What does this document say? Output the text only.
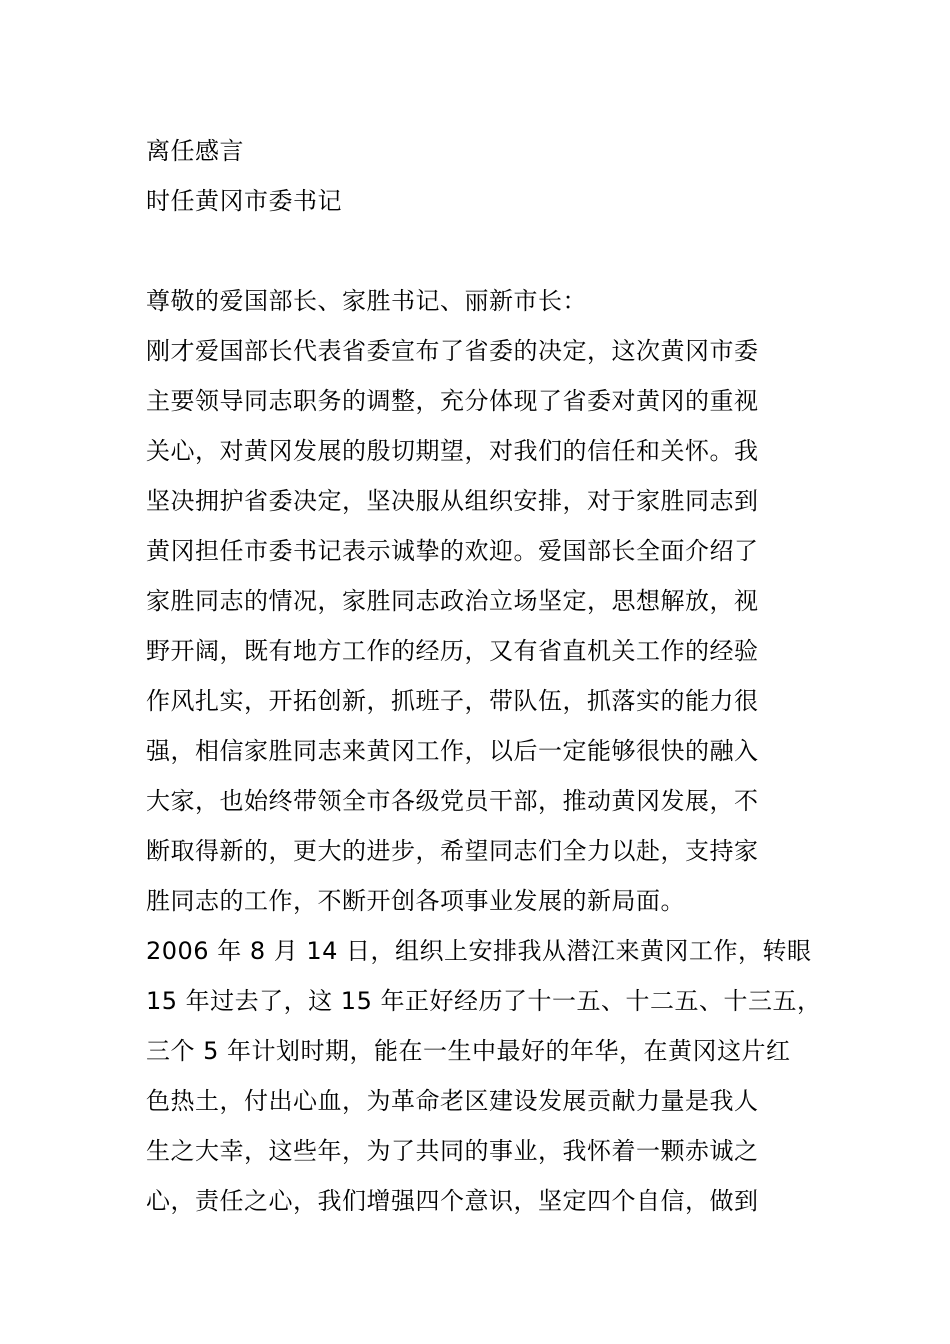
离任感言
时任黄冈市委书记
尊敬的爱国部长、家胜书记、丽新市长：
刚才爱国部长代表省委宣布了省委的决定，这次黄冈市委
主要领导同志职务的调整，充分体现了省委对黄冈的重视
关心，对黄冈发展的殷切期望，对我们的信任和关怀。我
坚决拥护省委决定，坚决服从组织安排，对于家胜同志到
黄冈担任市委书记表示诚挚的欢迎。爱国部长全面介绍了
家胜同志的情况，家胜同志政治立场坚定，思想解放，视
野开阔，既有地方工作的经历，又有省直机关工作的经验
作风扎实，开拓创新，抓班子，带队伍，抓落实的能力很
强，相信家胜同志来黄冈工作，以后一定能够很快的融入
大家，也始终带领全市各级党员干部，推动黄冈发展，不
断取得新的，更大的进步，希望同志们全力以赴，支持家
胜同志的工作，不断开创各项事业发展的新局面。
2006 年 8 月 14 日，组织上安排我从潜江来黄冈工作，转眼
15 年过去了，这 15 年正好经历了十一五、十二五、十三五，
三个 5 年计划时期，能在一生中最好的年华，在黄冈这片红
色热土，付出心血，为革命老区建设发展贡献力量是我人
生之大幸，这些年，为了共同的事业，我怀着一颗赤诚之
心，责任之心，我们增强四个意识，坚定四个自信，做到
